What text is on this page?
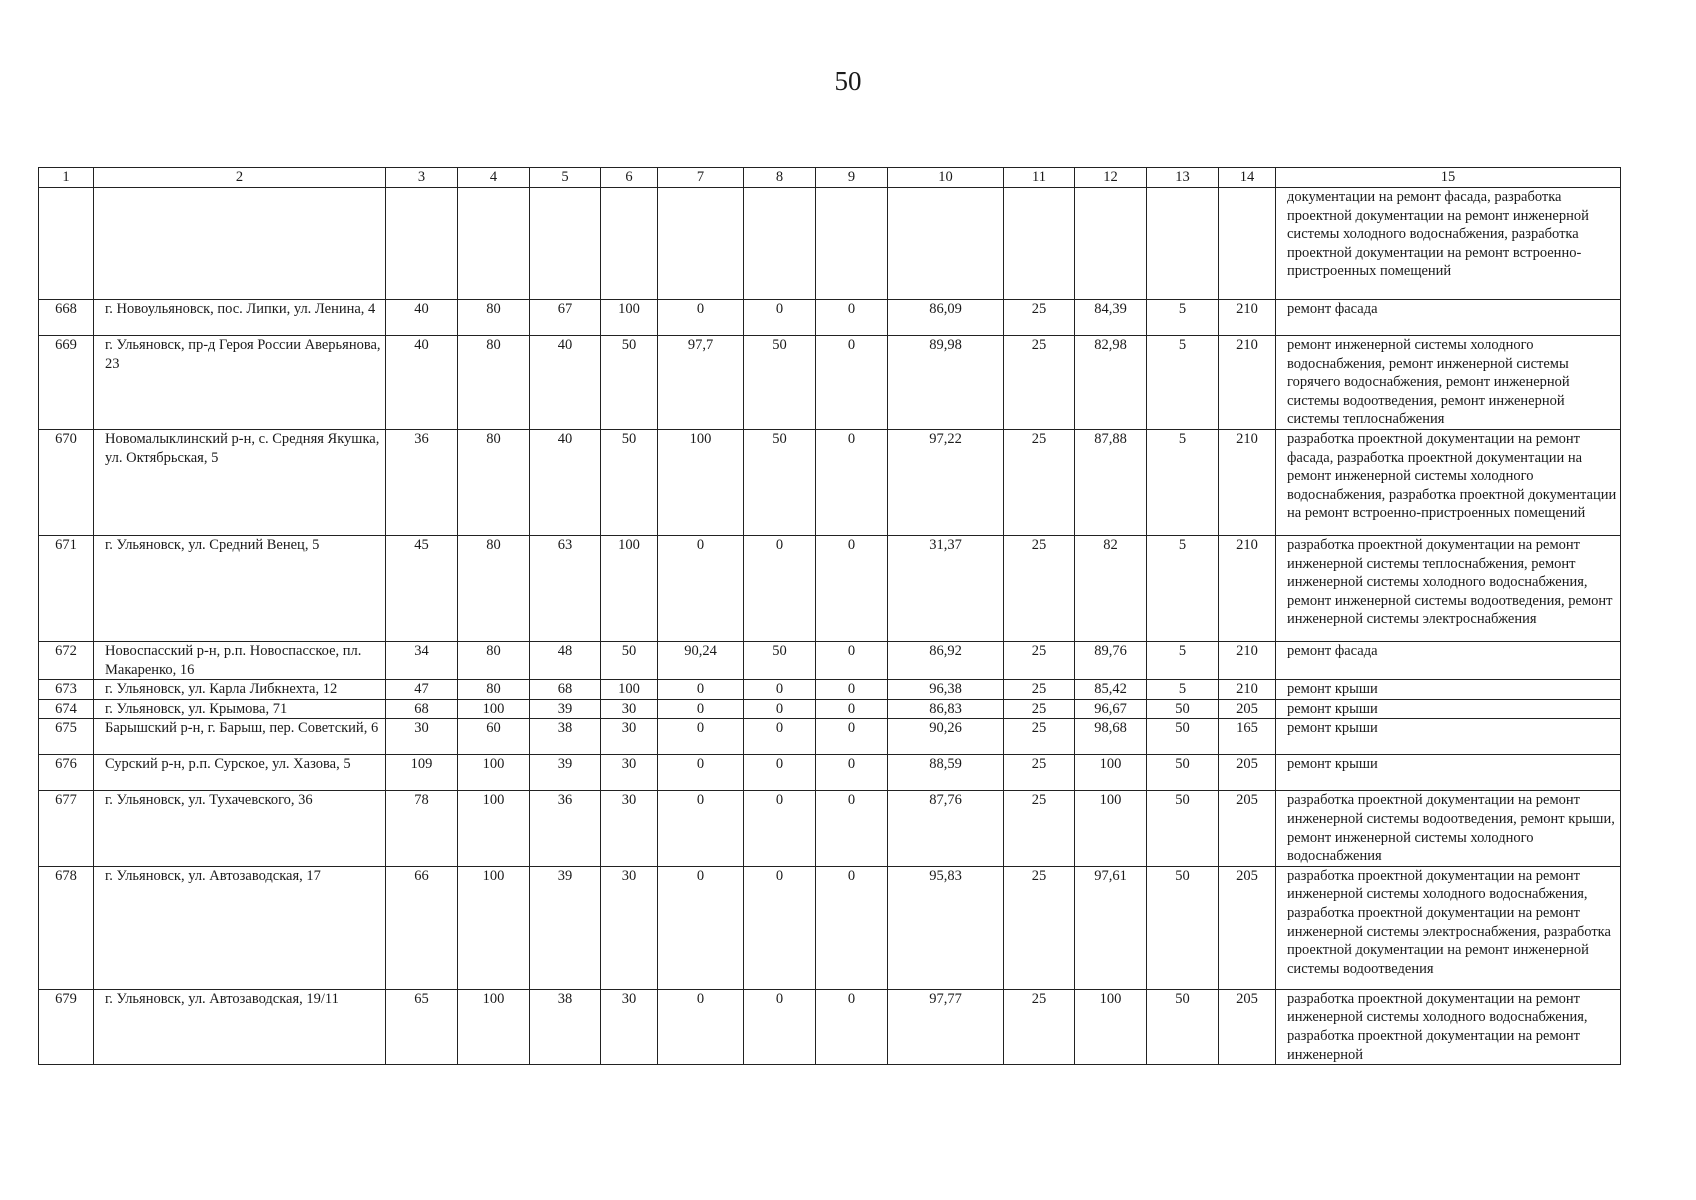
50
1	2	3	4	5	6	7	8	9	10	11	12	13	14	15
														документации на ремонт фасада, разработка проектной документации на ремонт инженерной системы холодного водоснабжения, разработка проектной документации на ремонт встроенно-пристроенных помещений
668	г. Новоульяновск, пос. Липки, ул. Ленина, 4	40	80	67	100	0	0	0	86,09	25	84,39	5	210	ремонт фасада
669	г. Ульяновск, пр-д Героя России Аверьянова, 23	40	80	40	50	97,7	50	0	89,98	25	82,98	5	210	ремонт инженерной системы холодного водоснабжения, ремонт инженерной системы горячего водоснабжения, ремонт инженерной системы водоотведения, ремонт инженерной системы теплоснабжения
670	Новомалыклинский р-н, с. Средняя Якушка, ул. Октябрьская, 5	36	80	40	50	100	50	0	97,22	25	87,88	5	210	разработка проектной документации на ремонт фасада, разработка проектной документации на ремонт инженерной системы холодного водоснабжения, разработка проектной документации на ремонт встроенно-пристроенных помещений
671	г. Ульяновск, ул. Средний Венец, 5	45	80	63	100	0	0	0	31,37	25	82	5	210	разработка проектной документации на ремонт инженерной системы теплоснабжения, ремонт инженерной системы холодного водоснабжения, ремонт инженерной системы водоотведения, ремонт инженерной системы электроснабжения
672	Новоспасский р-н, р.п. Новоспасское, пл. Макаренко, 16	34	80	48	50	90,24	50	0	86,92	25	89,76	5	210	ремонт фасада
673	г. Ульяновск, ул. Карла Либкнехта, 12	47	80	68	100	0	0	0	96,38	25	85,42	5	210	ремонт крыши
674	г. Ульяновск, ул. Крымова, 71	68	100	39	30	0	0	0	86,83	25	96,67	50	205	ремонт крыши
675	Барышский р-н, г. Барыш, пер. Советский, 6	30	60	38	30	0	0	0	90,26	25	98,68	50	165	ремонт крыши
676	Сурский р-н, р.п. Сурское, ул. Хазова, 5	109	100	39	30	0	0	0	88,59	25	100	50	205	ремонт крыши
677	г. Ульяновск, ул. Тухачевского, 36	78	100	36	30	0	0	0	87,76	25	100	50	205	разработка проектной документации на ремонт инженерной системы водоотведения, ремонт крыши, ремонт инженерной системы холодного водоснабжения
678	г. Ульяновск, ул. Автозаводская, 17	66	100	39	30	0	0	0	95,83	25	97,61	50	205	разработка проектной документации на ремонт инженерной системы холодного водоснабжения, разработка проектной документации на ремонт инженерной системы электроснабжения, разработка проектной документации на ремонт инженерной системы водоотведения
679	г. Ульяновск, ул. Автозаводская, 19/11	65	100	38	30	0	0	0	97,77	25	100	50	205	разработка проектной документации на ремонт инженерной системы холодного водоснабжения, разработка проектной документации на ремонт инженерной
